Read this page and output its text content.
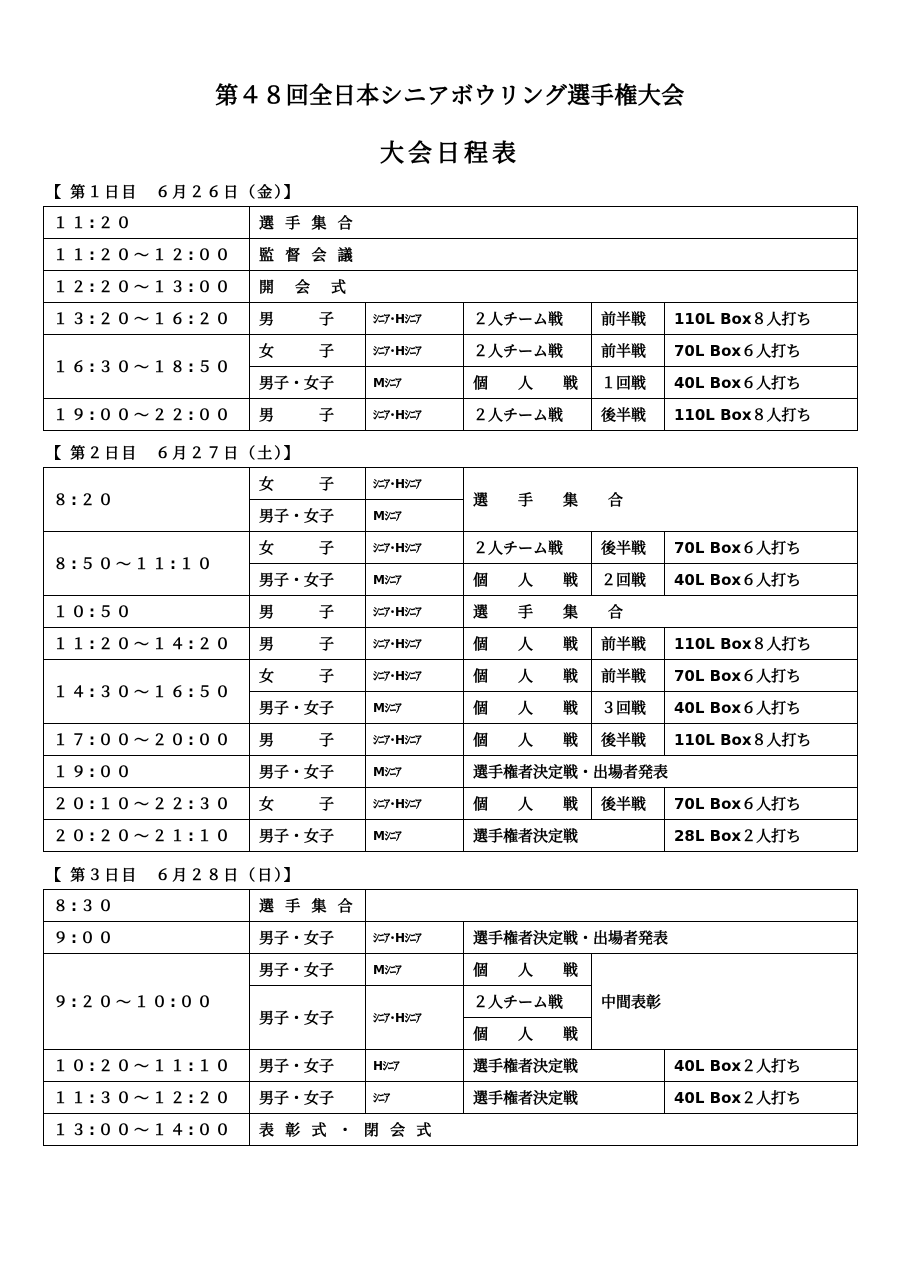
第４８回全日本シニアボウリング選手権大会
大会日程表
【 第１日目　６月２６日（金）】
１１:２０	選 手 集 合				
１１:２０～１２:００	監 督 会 議				
１２:２０～１３:００	開　会　式				
１３:２０～１６:２０	男　　　子	ｼﾆｱ･Hｼﾆｱ	２人チーム戦	前半戦	110L Box８人打ち
１６:３０～１８:５０	女　　　子	ｼﾆｱ･Hｼﾆｱ	２人チーム戦	前半戦	70L Box６人打ち
	男子・女子	Mｼﾆｱ	個　　人　　戦	１回戦	40L Box６人打ち
１９:００～２２:００	男　　　子	ｼﾆｱ･Hｼﾆｱ	２人チーム戦	後半戦	110L Box８人打ち
【 第２日目　６月２７日（土）】
８:２０	女　　　子	ｼﾆｱ･Hｼﾆｱ	選　　手　　集　　合		
	男子・女子	Mｼﾆｱ			
８:５０～１１:１０	女　　　子	ｼﾆｱ･Hｼﾆｱ	２人チーム戦	後半戦	70L Box６人打ち
	男子・女子	Mｼﾆｱ	個　　人　　戦	２回戦	40L Box６人打ち
１０:５０	男　　　子	ｼﾆｱ･Hｼﾆｱ	選　　手　　集　　合		
１１:２０～１４:２０	男　　　子	ｼﾆｱ･Hｼﾆｱ	個　　人　　戦	前半戦	110L Box８人打ち
１４:３０～１６:５０	女　　　子	ｼﾆｱ･Hｼﾆｱ	個　　人　　戦	前半戦	70L Box６人打ち
	男子・女子	Mｼﾆｱ	個　　人　　戦	３回戦	40L Box６人打ち
１７:００～２０:００	男　　　子	ｼﾆｱ･Hｼﾆｱ	個　　人　　戦	後半戦	110L Box８人打ち
１９:００	男子・女子	Mｼﾆｱ	選手権者決定戦・出場者発表		
２０:１０～２２:３０	女　　　子	ｼﾆｱ･Hｼﾆｱ	個　　人　　戦	後半戦	70L Box６人打ち
２０:２０～２１:１０	男子・女子	Mｼﾆｱ	選手権者決定戦		28L Box２人打ち
【 第３日目　６月２８日（日）】
８:３０	選 手 集 合				
９:００	男子・女子	ｼﾆｱ･Hｼﾆｱ	選手権者決定戦・出場者発表		
９:２０～１０:００	男子・女子	Mｼﾆｱ	個　　人　　戦	中間表彰	
	男子・女子	ｼﾆｱ･Hｼﾆｱ	２人チーム戦		
			個　　人　　戦		
１０:２０～１１:１０	男子・女子	Hｼﾆｱ	選手権者決定戦		40L Box２人打ち
１１:３０～１２:２０	男子・女子	ｼﾆｱ	選手権者決定戦		40L Box２人打ち
１３:００～１４:００	表 彰 式 ・ 閉 会 式				
